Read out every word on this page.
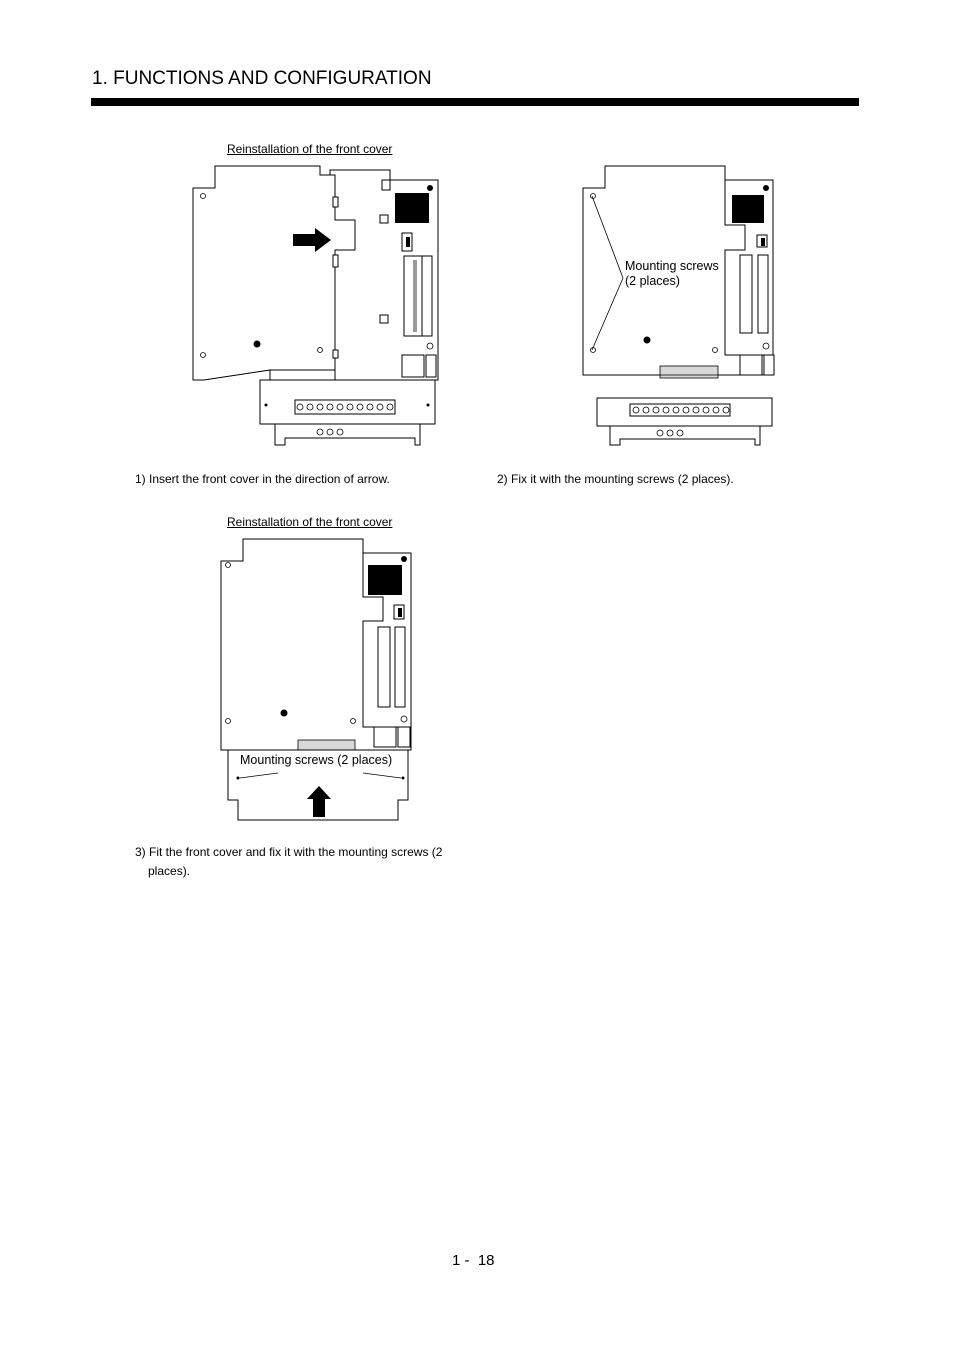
1. FUNCTIONS AND CONFIGURATION
Reinstallation of the front cover
1) Insert the front cover in the direction of arrow.
Mounting screws
(2 places)
2) Fix it with the mounting screws (2 places).
Reinstallation of the front cover
Mounting screws (2 places)
3) Fit the front cover and fix it with the mounting screws (2
places).
1 -  18
